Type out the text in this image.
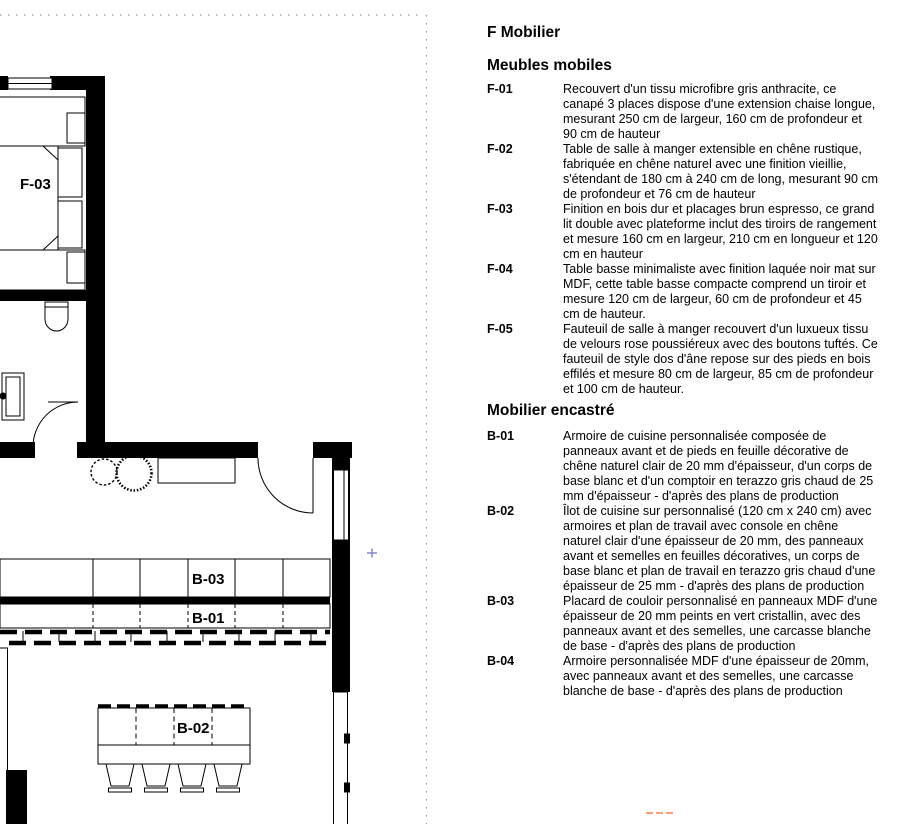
F-03
B-03
B-01
B-02
F Mobilier
Meubles mobiles
F-01	Recouvert d'un tissu microfibre gris anthracite, ce canapé 3 places dispose d'une extension chaise longue, mesurant 250 cm de largeur, 160 cm de profondeur et 90 cm de hauteur
F-02	Table de salle à manger extensible en chêne rustique, fabriquée en chêne naturel avec une finition vieillie, s'étendant de 180 cm à 240 cm de long, mesurant 90 cm de profondeur et 76 cm de hauteur
F-03	Finition en bois dur et placages brun espresso, ce grand lit double avec plateforme inclut des tiroirs de rangement et mesure 160 cm en largeur, 210 cm en longueur et 120 cm en hauteur
F-04	Table basse minimaliste avec finition laquée noir mat sur MDF, cette table basse compacte comprend un tiroir et mesure 120 cm de largeur, 60 cm de profondeur et 45 cm de hauteur.
F-05	Fauteuil de salle à manger recouvert d'un luxueux tissu de velours rose poussiéreux avec des boutons tuftés. Ce fauteuil de style dos d'âne repose sur des pieds en bois effilés et mesure 80 cm de largeur, 85 cm de profondeur et 100 cm de hauteur.
Mobilier encastré
B-01	Armoire de cuisine personnalisée composée de panneaux avant et de pieds en feuille décorative de chêne naturel clair de 20 mm d'épaisseur, d'un corps de base blanc et d'un comptoir en terazzo gris chaud de 25 mm d'épaisseur - d'après des plans de production
B-02	Îlot de cuisine sur personnalisé (120 cm x 240 cm) avec armoires et plan de travail avec console en chêne naturel clair d'une épaisseur de 20 mm, des panneaux avant et semelles en feuilles décoratives, un corps de base blanc et plan de travail en terazzo gris chaud d'une épaisseur de 25 mm - d'après des plans de production
B-03	Placard de couloir personnalisé en panneaux MDF d'une épaisseur de 20 mm peints en vert cristallin, avec des panneaux avant et des semelles, une carcasse blanche de base - d'après des plans de production
B-04	Armoire personnalisée MDF d'une épaisseur de 20mm, avec panneaux avant et des semelles, une carcasse blanche de base - d'après des plans de production
